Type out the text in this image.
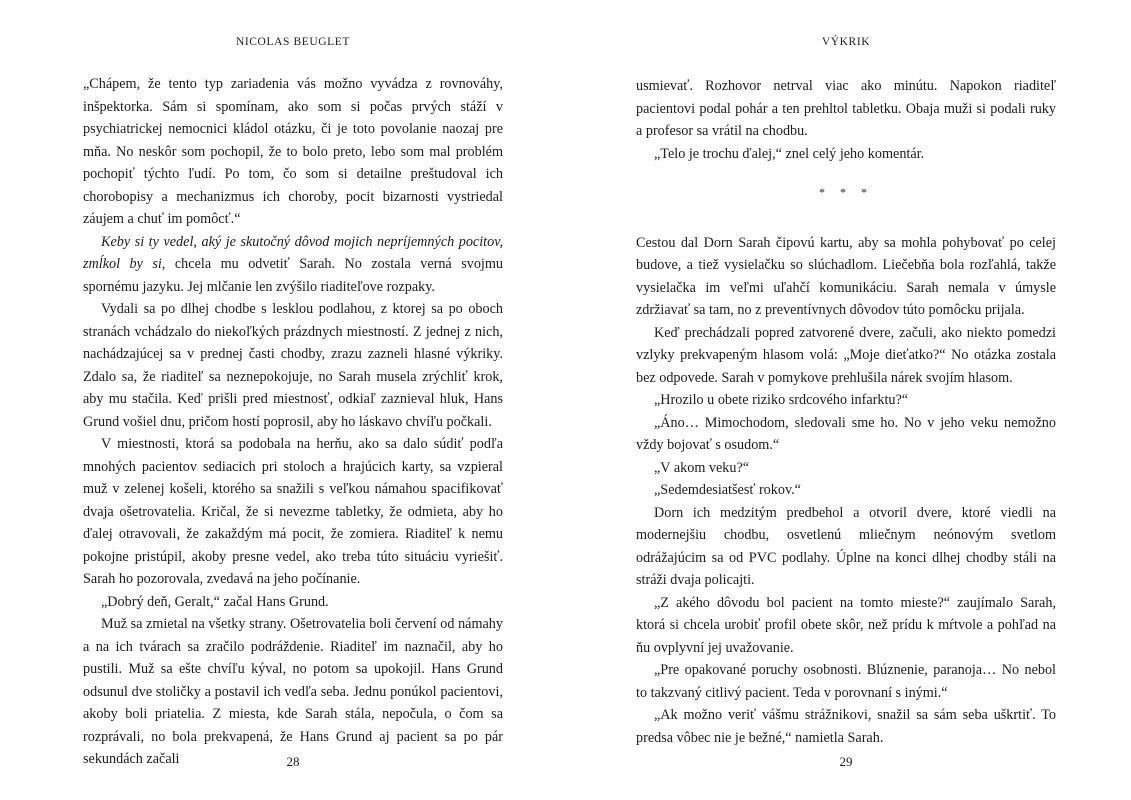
NICOLAS BEUGLET

„Chápem, že tento typ zariadenia vás možno vyvádza z rovnováhy, inšpektorka. Sám si spomínam, ako som si počas prvých stáží v psychiatrickej nemocnici kládol otázku, či je toto povolanie naozaj pre mňa. No neskôr som pochopil, že to bolo preto, lebo som mal problém pochopiť týchto ľudí. Po tom, čo som si detailne preštudoval ich chorobopisy a mechanizmus ich choroby, pocit bizarnosti vystriedal záujem a chuť im pomôcť.“

Keby si ty vedel, aký je skutočný dôvod mojich nepríjemných pocitov, zmĺkol by si, chcela mu odvetiť Sarah. No zostala verná svojmu spornému jazyku. Jej mlčanie len zvýšilo riaditeľove rozpaky.

Vydali sa po dlhej chodbe s lesklou podlahou, z ktorej sa po oboch stranách vchádzalo do niekoľkých prázdnych miestností. Z jednej z nich, nachádzajúcej sa v prednej časti chodby, zrazu zazneli hlasné výkriky. Zdalo sa, že riaditeľ sa neznepokojuje, no Sarah musela zrýchliť krok, aby mu stačila. Keď prišli pred miestnosť, odkiaľ zaznieval hluk, Hans Grund vošiel dnu, pričom hostí poprosil, aby ho láskavo chvíľu počkali.

V miestnosti, ktorá sa podobala na herňu, ako sa dalo súdiť podľa mnohých pacientov sediacich pri stoloch a hrajúcich karty, sa vzpieral muž v zelenej košeli, ktorého sa snažili s veľkou námahou spacifikovať dvaja ošetrovatelia. Kričal, že si nevezme tabletky, že odmieta, aby ho ďalej otravovali, že zakaždým má pocit, že zomiera. Riaditeľ k nemu pokojne pristúpil, akoby presne vedel, ako treba túto situáciu vyriešiť. Sarah ho pozorovala, zvedavá na jeho počínanie.

„Dobrý deň, Geralt,“ začal Hans Grund.

Muž sa zmietal na všetky strany. Ošetrovatelia boli červení od námahy a na ich tvárach sa zračilo podráždenie. Riaditeľ im naznačil, aby ho pustili. Muž sa ešte chvíľu kýval, no potom sa upokojil. Hans Grund odsunul dve stoličky a postavil ich vedľa seba. Jednu ponúkol pacientovi, akoby boli priatelia. Z miesta, kde Sarah stála, nepočula, o čom sa rozprávali, no bola prekvapená, že Hans Grund aj pacient sa po pár sekundách začali	28
VÝKRIK

usmievať. Rozhovor netrval viac ako minútu. Napokon riaditeľ pacientovi podal pohár a ten prehltol tabletku. Obaja muži si podali ruky a profesor sa vrátil na chodbu.

„Telo je trochu ďalej,“ znel celý jeho komentár.

* * *

Cestou dal Dorn Sarah čipovú kartu, aby sa mohla pohybovať po celej budove, a tiež vysielačku so slúchadlom. Liečebňa bola rozľahlá, takže vysielačka im veľmi uľahčí komunikáciu. Sarah nemala v úmysle zdržiavať sa tam, no z preventívnych dôvodov túto pomôcku prijala.

Keď prechádzali popred zatvorené dvere, začuli, ako niekto pomedzi vzlyky prekvapeným hlasom volá: „Moje dieťatko?“ No otázka zostala bez odpovede. Sarah v pomykove prehlušila nárek svojím hlasom.

„Hrozilo u obete riziko srdcového infarktu?“

„Áno… Mimochodom, sledovali sme ho. No v jeho veku nemožno vždy bojovať s osudom.“

„V akom veku?“

„Sedemdesiatšesť rokov.“

Dorn ich medzitým predbehol a otvoril dvere, ktoré viedli na modernejšiu chodbu, osvetlenú mliečnym neónovým svetlom odrážajúcim sa od PVC podlahy. Úplne na konci dlhej chodby stáli na stráži dvaja policajti.

„Z akého dôvodu bol pacient na tomto mieste?“ zaujímalo Sarah, ktorá si chcela urobiť profil obete skôr, než prídu k mŕtvole a pohľad na ňu ovplyvní jej uvažovanie.

„Pre opakované poruchy osobnosti. Blúznenie, paranoja… No nebol to takzvaný citlivý pacient. Teda v porovnaní s inými.“

„Ak možno veriť vášmu strážnikovi, snažil sa sám seba uškrtiť. To predsa vôbec nie je bežné,“ namietla Sarah.

29
